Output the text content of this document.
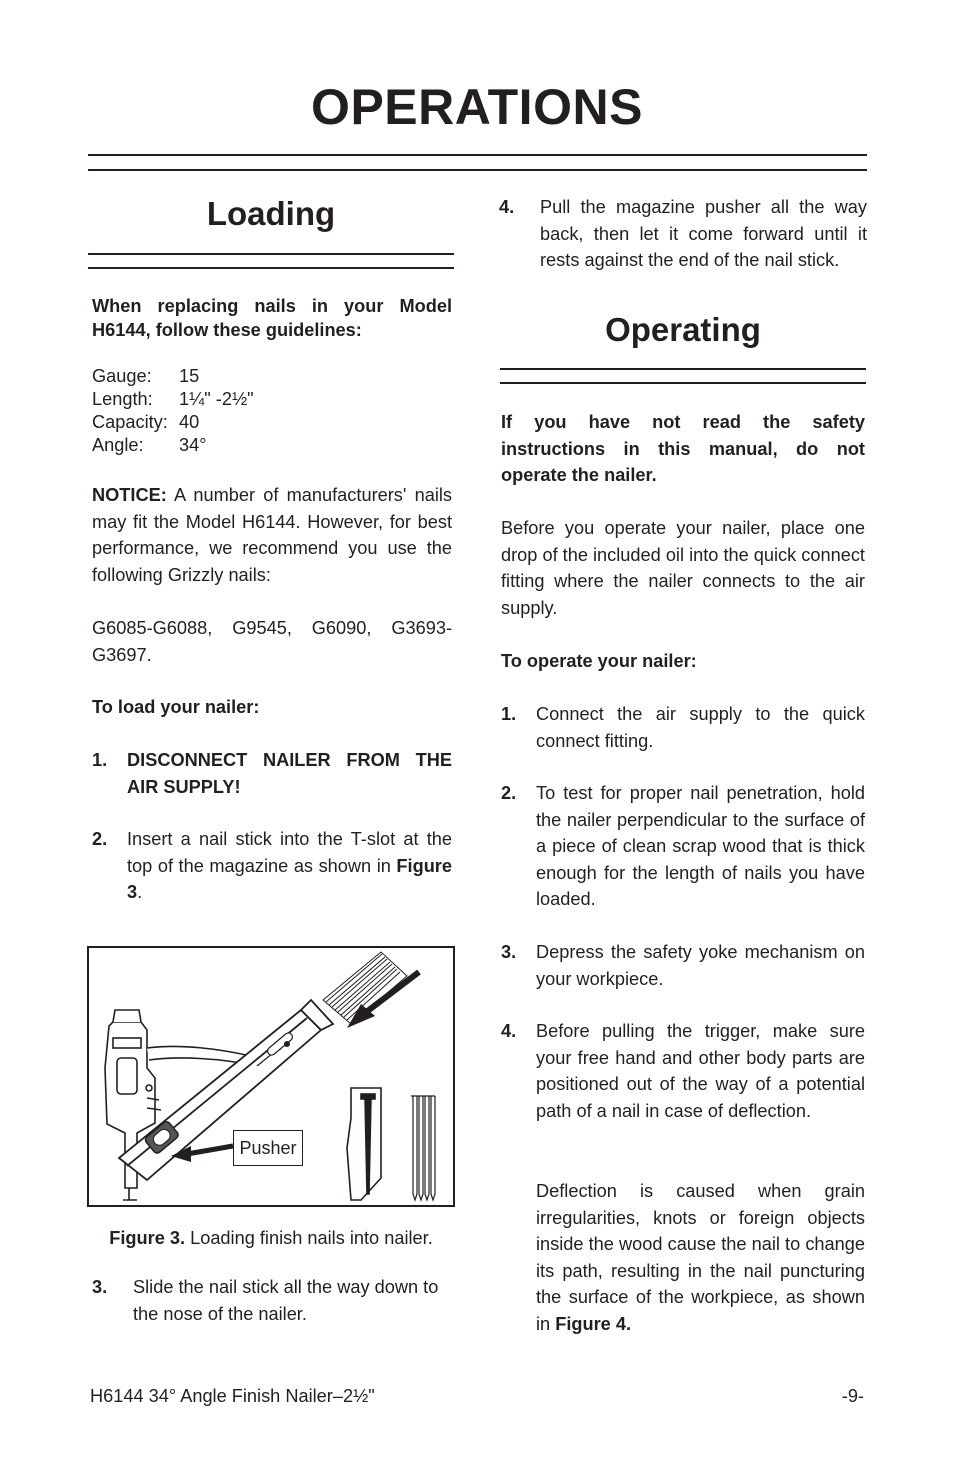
OPERATIONS
Loading

When replacing nails in your Model H6144, follow these guidelines:

Gauge:	15
Length:	1¼" -2½"
Capacity: 40
Angle:	34°

NOTICE: A number of manufacturers' nails may fit the Model H6144. However, for best performance, we recommend you use the following Grizzly nails:

G6085-G6088, G9545, G6090, G3693-G3697.

To load your nailer:

1. DISCONNECT NAILER FROM THE AIR SUPPLY!

2. Insert a nail stick into the T-slot at the top of the magazine as shown in Figure 3.

Pusher

Figure 3. Loading finish nails into nailer.

3. Slide the nail stick all the way down to the nose of the nailer.

4. Pull the magazine pusher all the way back, then let it come forward until it rests against the end of the nail stick.

Operating

If you have not read the safety instructions in this manual, do not operate the nailer.

Before you operate your nailer, place one drop of the included oil into the quick connect fitting where the nailer connects to the air supply.

To operate your nailer:

1. Connect the air supply to the quick connect fitting.

2. To test for proper nail penetration, hold the nailer perpendicular to the surface of a piece of clean scrap wood that is thick enough for the length of nails you have loaded.

3. Depress the safety yoke mechanism on your workpiece.

4. Before pulling the trigger, make sure your free hand and other body parts are positioned out of the way of a potential path of a nail in case of deflection.

Deflection is caused when grain irregularities, knots or foreign objects inside the wood cause the nail to change its path, resulting in the nail puncturing the surface of the workpiece, as shown in Figure 4.

H6144 34° Angle Finish Nailer–2½"	-9-
